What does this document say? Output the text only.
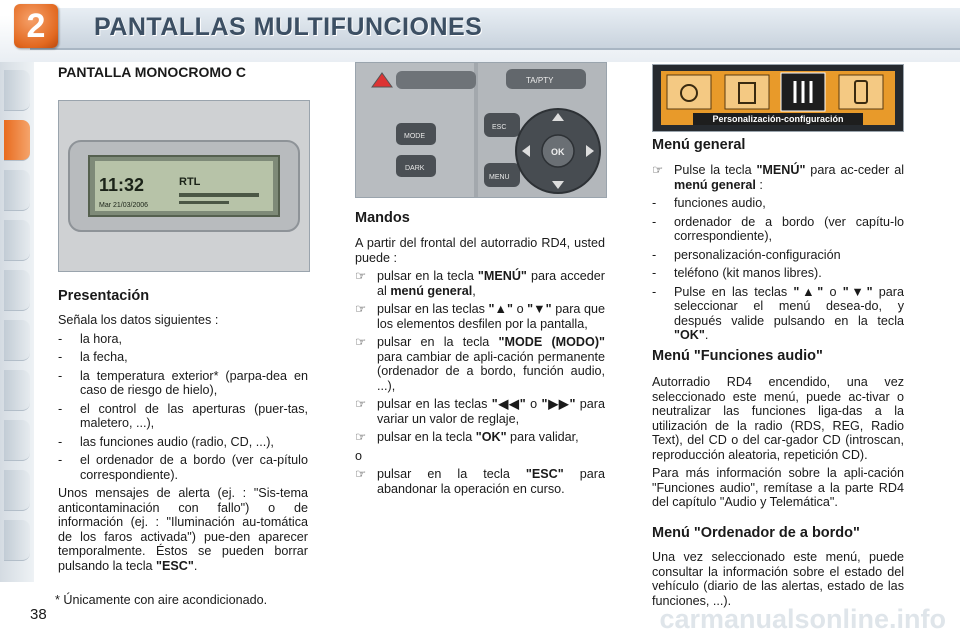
2	PANTALLAS MULTIFUNCIONES
PANTALLA MONOCROMO C
11:32
Mar 21/03/2006
RTL
Presentación
Señala los datos siguientes :
-	la hora,
-	la fecha,
-	la temperatura exterior* (parpa-dea en caso de riesgo de hielo),
-	el control de las aperturas (puer-tas, maletero, ...),
-	las funciones audio (radio, CD, ...),
-	el ordenador de a bordo (ver ca-pítulo correspondiente).
Unos mensajes de alerta (ej. : "Sis-tema anticontaminación con fallo") o de información (ej. : "Iluminación au-tomática de los faros activada") pue-den aparecer temporalmente. Éstos se pueden borrar pulsando la tecla "ESC".
* Únicamente con aire acondicionado.
MODE
DARK
TA/PTY
ESC
MENU
OK
Mandos
A partir del frontal del autorradio RD4, usted puede :
☞ pulsar en la tecla "MENÚ" para acceder al menú general,
☞ pulsar en las teclas "▲" o "▼" para que los elementos desfilen por la pantalla,
☞ pulsar en la tecla "MODE (MODO)" para cambiar de apli-cación permanente (ordenador de a bordo, función audio, ...),
☞ pulsar en las teclas "◀◀" o "▶▶" para variar un valor de reglaje,
☞ pulsar en la tecla "OK" para validar,
o
☞ pulsar en la tecla "ESC" para abandonar la operación en curso.
Personalización-configuración
Menú general
☞ Pulse la tecla "MENÚ" para ac-ceder al menú general :
-	funciones audio,
-	ordenador de a bordo (ver capítu-lo correspondiente),
-	personalización-configuración
-	teléfono (kit manos libres).
-	Pulse en las teclas "▲" o "▼" para seleccionar el menú desea-do, y después valide pulsando en la tecla "OK".
Menú "Funciones audio"

Autorradio RD4 encendido, una vez seleccionado este menú, puede ac-tivar o neutralizar las funciones liga-das a la utilización de la radio (RDS, REG, Radio Text), del CD o del car-gador CD (introscan, reproducción aleatoria, repetición CD).

Para más información sobre la apli-cación "Funciones audio", remítase a la parte RD4 del capítulo "Audio y Telemática".

Menú "Ordenador de a bordo"

Una vez seleccionado este menú, puede consultar la información sobre el estado del vehículo (diario de las alertas, estado de las funciones, ...).

38	carmanualsonline.info
